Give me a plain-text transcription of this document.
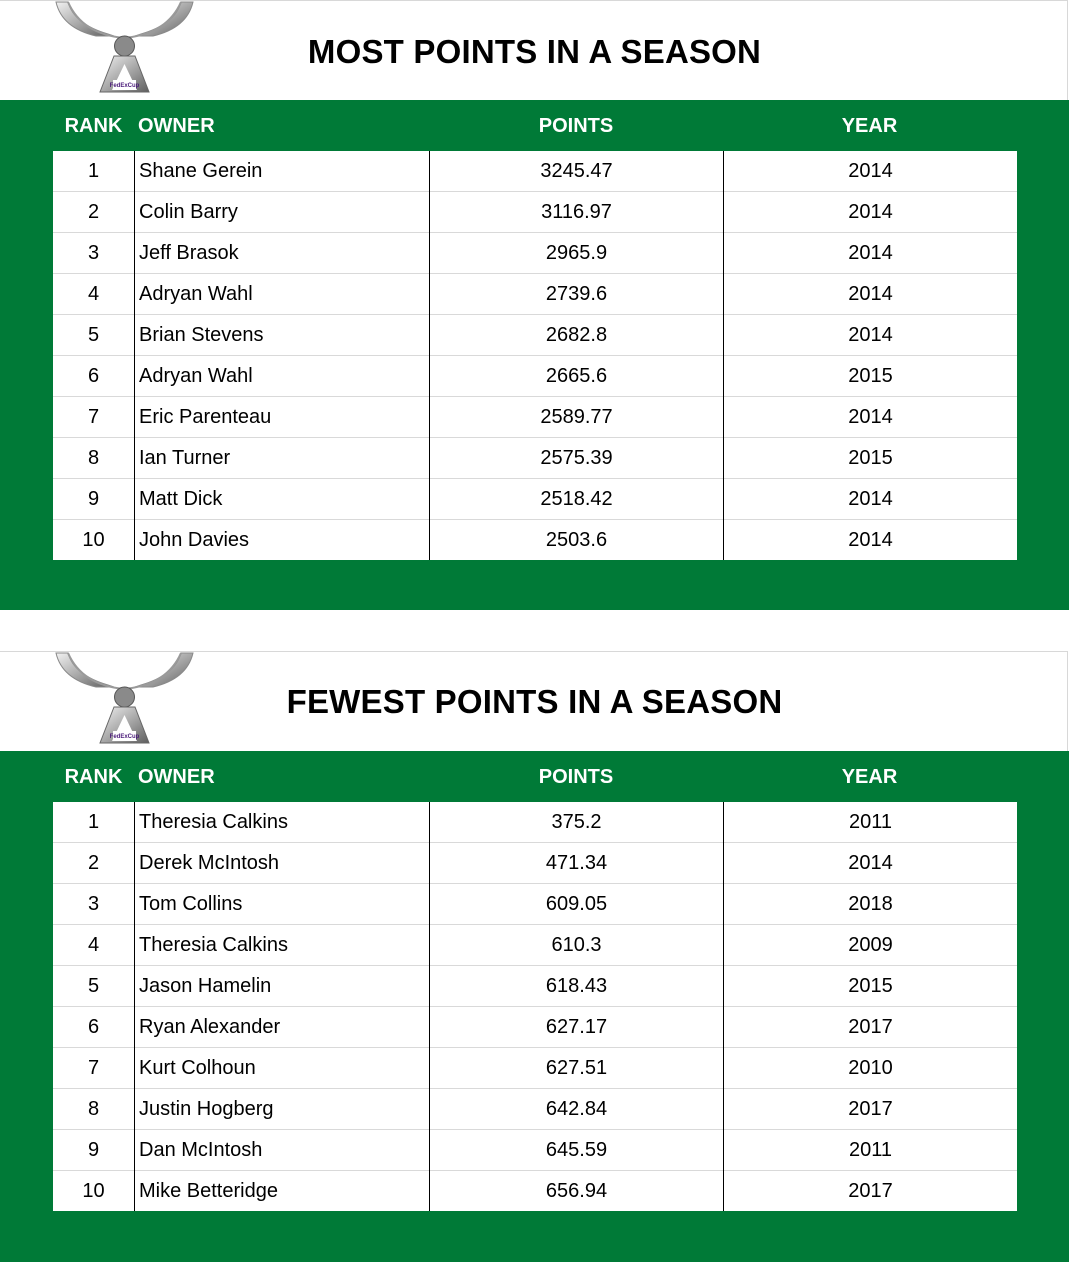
FedExCup
MOST POINTS IN A SEASON
RANK OWNER	POINTS	YEAR
1	Shane Gerein	3245.47	2014
2	Colin Barry	3116.97	2014
3	Jeff Brasok	2965.9	2014
4	Adryan Wahl	2739.6	2014
5	Brian Stevens	2682.8	2014
6	Adryan Wahl	2665.6	2015
7	Eric Parenteau	2589.77	2014
8	Ian Turner	2575.39	2015
9	Matt Dick	2518.42	2014
10	John Davies	2503.6	2014
FedExCup
FEWEST POINTS IN A SEASON
RANK OWNER	POINTS	YEAR
1	Theresia Calkins	375.2	2011
2	Derek McIntosh	471.34	2014
3	Tom Collins	609.05	2018
4	Theresia Calkins	610.3	2009
5	Jason Hamelin	618.43	2015
6	Ryan Alexander	627.17	2017
7	Kurt Colhoun	627.51	2010
8	Justin Hogberg	642.84	2017
9	Dan McIntosh	645.59	2011
10	Mike Betteridge	656.94	2017
